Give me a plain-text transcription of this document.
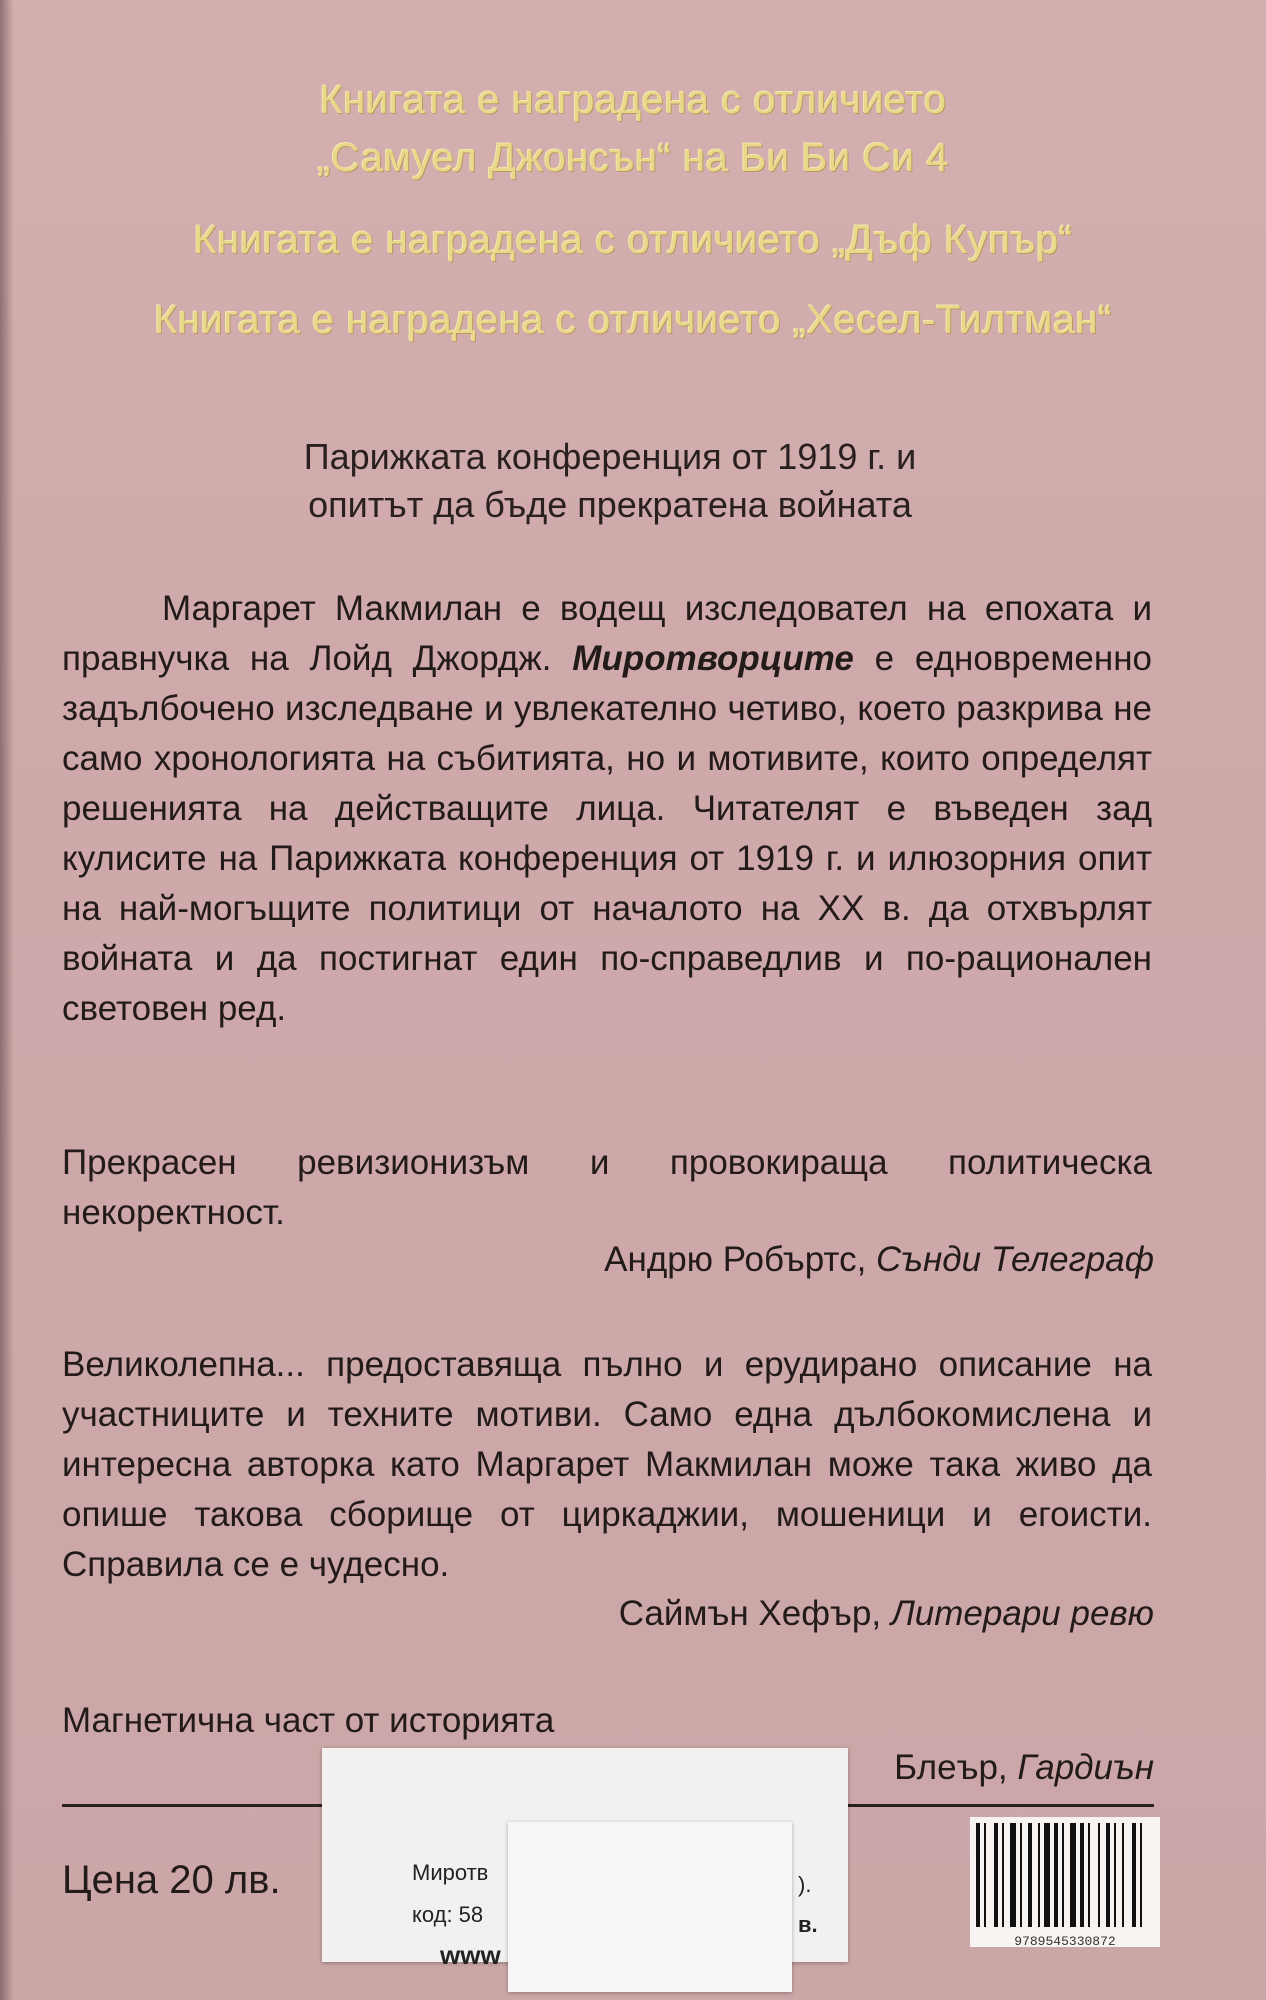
Книгата е наградена с отличието
„Самуел Джонсън“ на Би Би Си 4
Книгата е наградена с отличието „Дъф Купър“
Книгата е наградена с отличието „Хесел-Тилтман“
Парижката конференция от 1919 г. и
опитът да бъде прекратена войната
Маргарет Макмилан е водещ изследовател на епохата и правнучка на Лойд Джордж. Миротворците е едновременно задълбочено изследване и увлекателно четиво, което разкрива не само хронологията на събитията, но и мотивите, които определят решенията на действащите лица. Читателят е въведен зад кулисите на Парижката конференция от 1919 г. и илюзорния опит на най-могъщите политици от началото на XX в. да отхвърлят войната и да постигнат един по-справедлив и по-рационален световен ред.
Прекрасен ревизионизъм и провокираща политическа некоректност.
Андрю Робъртс, Сънди Телеграф
Великолепна... предоставяща пълно и ерудирано описание на участниците и техните мотиви. Само една дълбокомислена и интересна авторка като Маргарет Макмилан може така живо да опише такова сборище от циркаджии, мошеници и егоисти. Справила се е чудесно.
Саймън Хефър, Литерари ревю
Магнетична част от историята
Блеър, Гардиън
Цена 20 лв.
9789545330872
Миротв
код: 58
www
).
в.
